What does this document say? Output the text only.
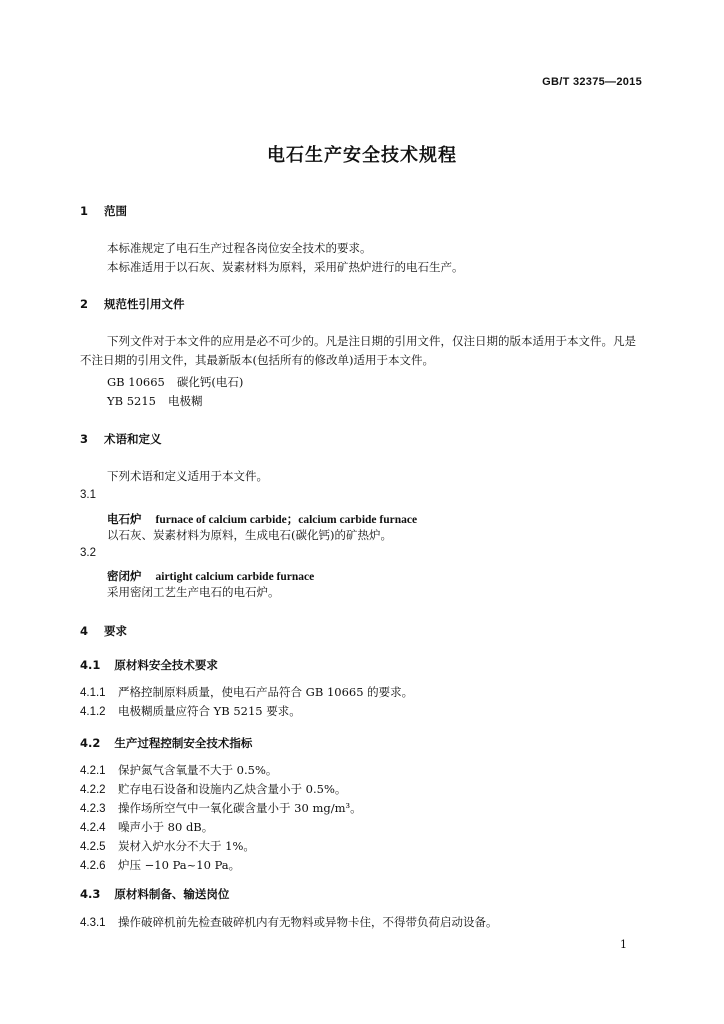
GB/T 32375—2015
电石生产安全技术规程
1 范围
本标准规定了电石生产过程各岗位安全技术的要求。
本标准适用于以石灰、炭素材料为原料，采用矿热炉进行的电石生产。
2 规范性引用文件
下列文件对于本文件的应用是必不可少的。凡是注日期的引用文件，仅注日期的版本适用于本文件。凡是不注日期的引用文件，其最新版本(包括所有的修改单)适用于本文件。
GB 10665 碳化钙(电石)
YB 5215 电极糊
3 术语和定义
下列术语和定义适用于本文件。
3.1
电石炉 furnace of calcium carbide；calcium carbide furnace
以石灰、炭素材料为原料，生成电石(碳化钙)的矿热炉。
3.2
密闭炉 airtight calcium carbide furnace
采用密闭工艺生产电石的电石炉。
4 要求
4.1 原材料安全技术要求
4.1.1 严格控制原料质量，使电石产品符合 GB 10665 的要求。
4.1.2 电极糊质量应符合 YB 5215 要求。
4.2 生产过程控制安全技术指标
4.2.1 保护氮气含氧量不大于 0.5%。
4.2.2 贮存电石设备和设施内乙炔含量小于 0.5%。
4.2.3 操作场所空气中一氧化碳含量小于 30 mg/m³。
4.2.4 噪声小于 80 dB。
4.2.5 炭材入炉水分不大于 1%。
4.2.6 炉压 −10 Pa~10 Pa。
4.3 原材料制备、输送岗位
4.3.1 操作破碎机前先检查破碎机内有无物料或异物卡住，不得带负荷启动设备。
1
